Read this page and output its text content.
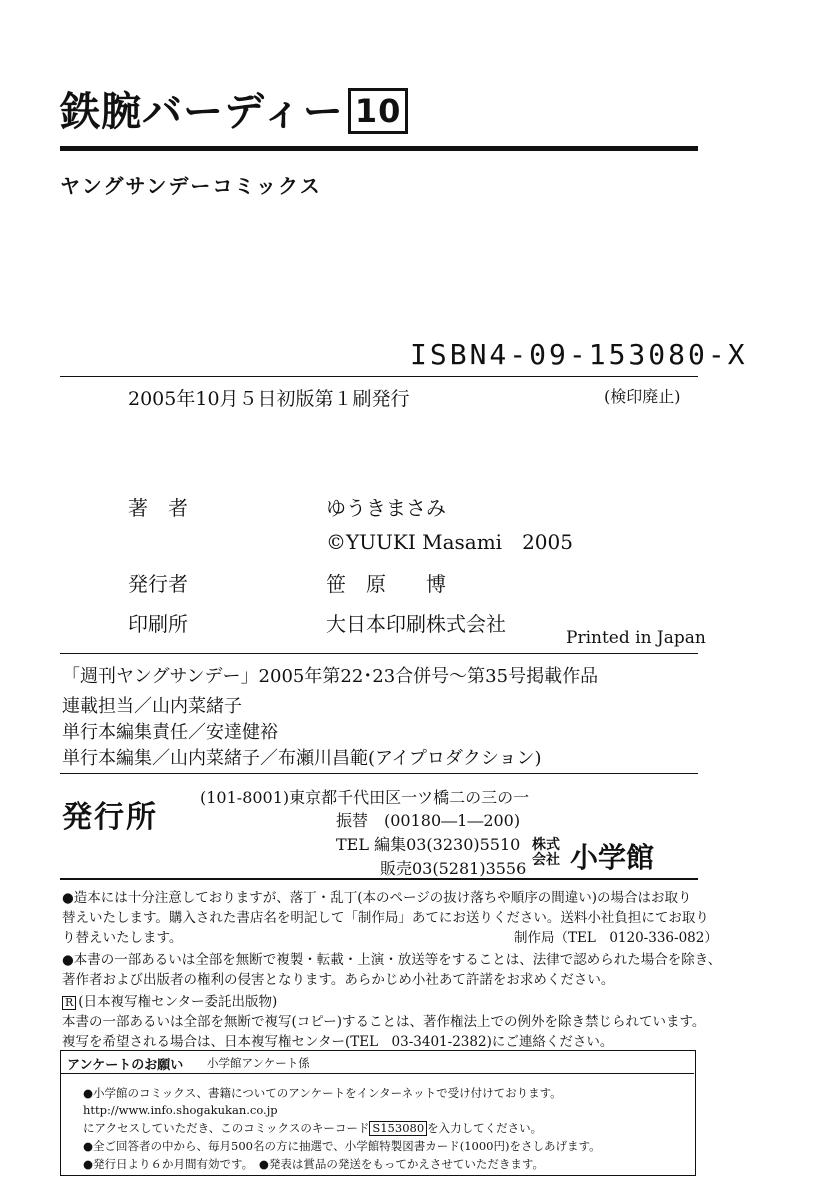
鉄腕バーディー 10
ヤングサンデーコミックス
ISBN4-09-153080-X
2005年10月５日初版第１刷発行	(検印廃止)
著　者	ゆうきまさみ
©YUUKI Masami　2005
発行者	笹　原　　博
印刷所	大日本印刷株式会社
Printed in Japan
「週刊ヤングサンデー」2005年第22･23合併号～第35号掲載作品
連載担当／山内菜緒子
単行本編集責任／安達健裕
単行本編集／山内菜緒子／布瀬川昌範(アイプロダクション)
発行所
(101-8001)東京都千代田区一ツ橋二の三の一
振替　(00180―1―200)
TEL 編集03(3230)5510
販売03(5281)3556
株式会社 小学館
●造本には十分注意しておりますが、落丁・乱丁(本のページの抜け落ちや順序の間違い)の場合はお取り
替えいたします。購入された書店名を明記して「制作局」あてにお送りください。送料小社負担にてお取り
り替えいたします。	制作局（TEL　0120-336-082）
●本書の一部あるいは全部を無断で複製・転載・上演・放送等をすることは、法律で認められた場合を除き、
著作者および出版者の権利の侵害となります。あらかじめ小社あて許諾をお求めください。
R (日本複写権センター委託出版物)
本書の一部あるいは全部を無断で複写(コピー)することは、著作権法上での例外を除き禁じられています。
複写を希望される場合は、日本複写権センター(TEL　03-3401-2382)にご連絡ください。
アンケートのお願い 小学館アンケート係
●小学館のコミックス、書籍についてのアンケートをインターネットで受け付けております。
http://www.info.shogakukan.co.jp
にアクセスしていただき、このコミックスのキーコード S153080 を入力してください。
●全ご回答者の中から、毎月500名の方に抽選で、小学館特製図書カード(1000円)をさしあげます。
●発行日より６か月間有効です。　●発表は賞品の発送をもってかえさせていただきます。
